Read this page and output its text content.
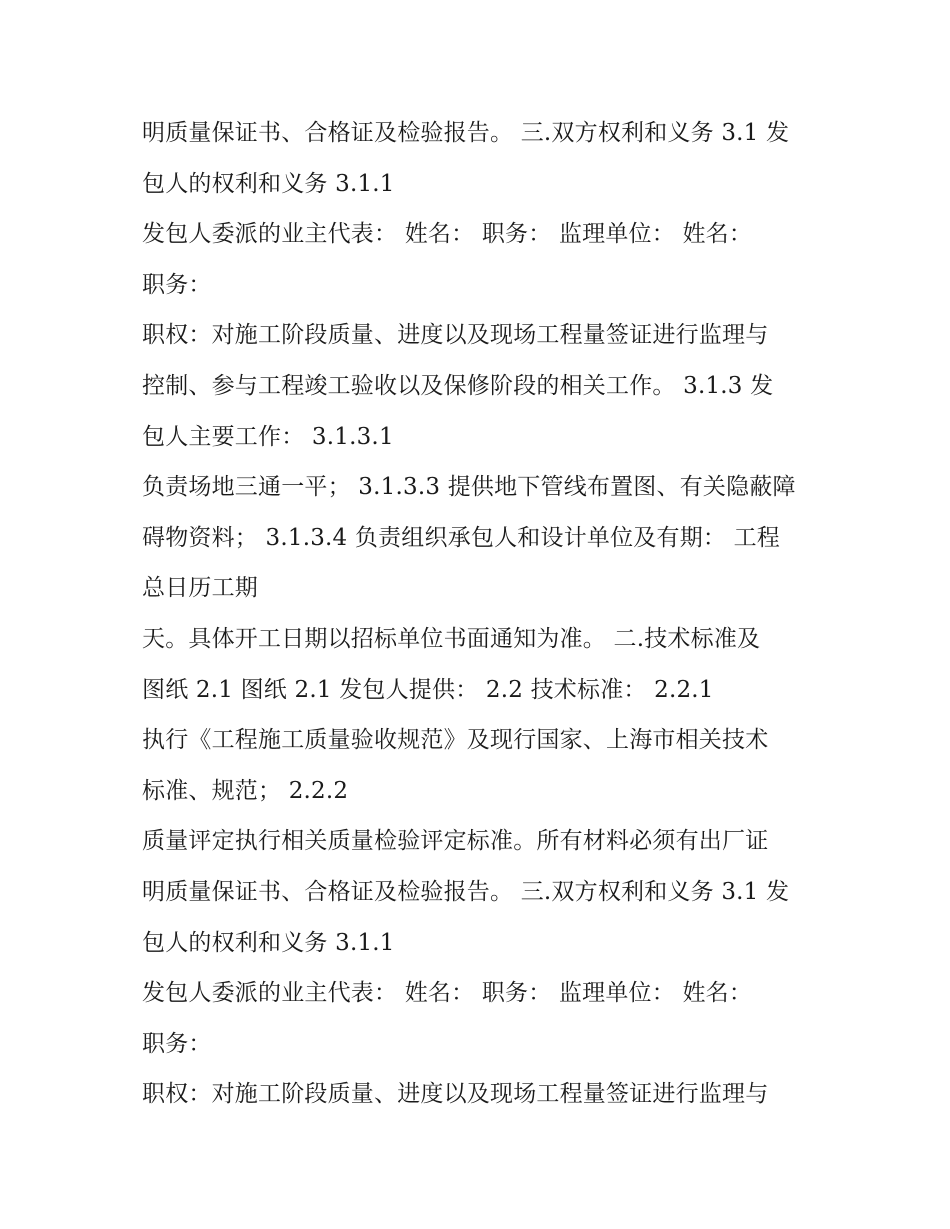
明质量保证书、合格证及检验报告。 三.双方权利和义务 3.1 发
包人的权利和义务 3.1.1
发包人委派的业主代表： 姓名： 职务： 监理单位： 姓名：
职务：
职权：对施工阶段质量、进度以及现场工程量签证进行监理与
控制、参与工程竣工验收以及保修阶段的相关工作。 3.1.3 发
包人主要工作： 3.1.3.1
负责场地三通一平； 3.1.3.3 提供地下管线布置图、有关隐蔽障
碍物资料； 3.1.3.4 负责组织承包人和设计单位及有期： 工程
总日历工期
天。具体开工日期以招标单位书面通知为准。 二.技术标准及
图纸 2.1 图纸 2.1 发包人提供： 2.2 技术标准： 2.2.1
执行《工程施工质量验收规范》及现行国家、上海市相关技术
标准、规范； 2.2.2
质量评定执行相关质量检验评定标准。所有材料必须有出厂证
明质量保证书、合格证及检验报告。 三.双方权利和义务 3.1 发
包人的权利和义务 3.1.1
发包人委派的业主代表： 姓名： 职务： 监理单位： 姓名：
职务：
职权：对施工阶段质量、进度以及现场工程量签证进行监理与
